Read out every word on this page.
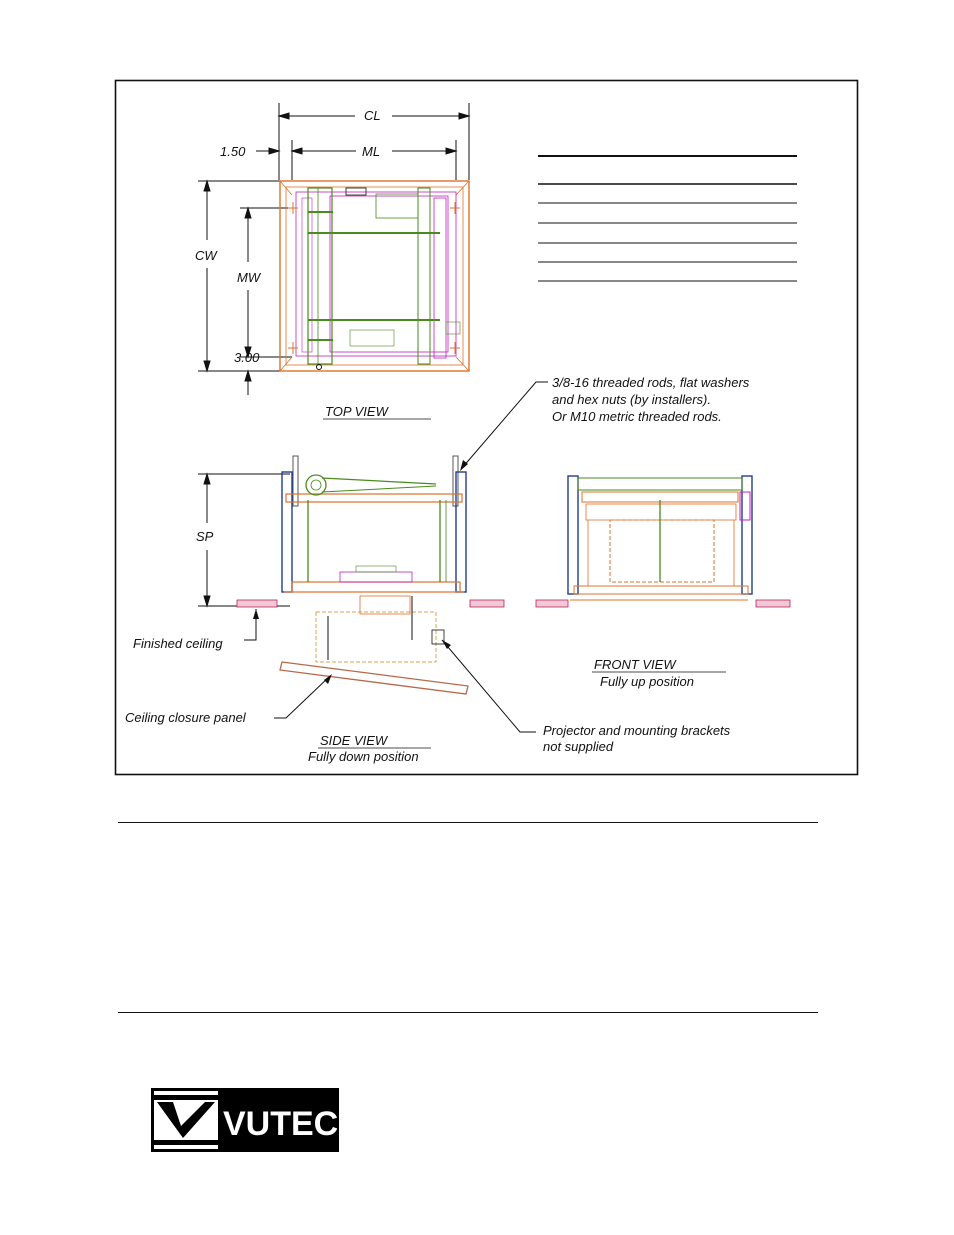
CL
ML
1.50
CW
MW
3.00
TOP VIEW
3/8-16 threaded rods, flat washers
and hex nuts (by installers).
Or M10 metric threaded rods.
SP
Finished ceiling
Ceiling closure panel
SIDE VIEW
Fully down position
FRONT VIEW
Fully up position
Projector and mounting brackets
not supplied
VUTEC
